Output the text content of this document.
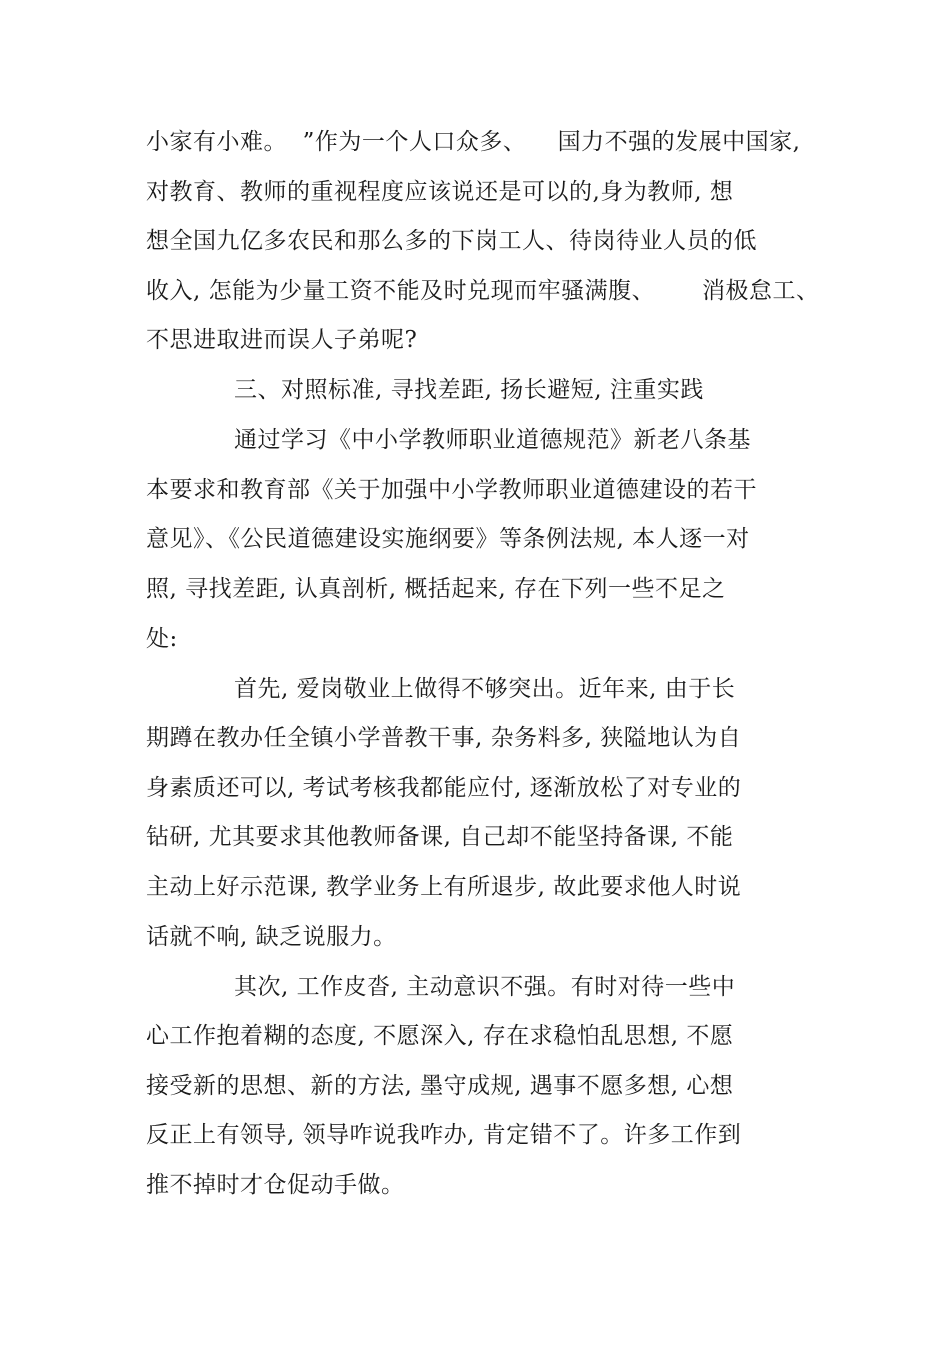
小家有小难。  ”作为一个人口众多、    国力不强的发展中国家,

对教育、教师的重视程度应该说还是可以的,身为教师, 想

想全国九亿多农民和那么多的下岗工人、待岗待业人员的低

收入, 怎能为少量工资不能及时兑现而牢骚满腹、      消极怠工、

不思进取进而误人子弟呢?

三、对照标准, 寻找差距, 扬长避短, 注重实践

通过学习《中小学教师职业道德规范》新老八条基

本要求和教育部《关于加强中小学教师职业道德建设的若干

意见》、《公民道德建设实施纲要》等条例法规, 本人逐一对

照, 寻找差距, 认真剖析, 概括起来, 存在下列一些不足之

处:

首先, 爱岗敬业上做得不够突出。近年来, 由于长

期蹲在教办任全镇小学普教干事, 杂务料多, 狭隘地认为自

身素质还可以, 考试考核我都能应付, 逐渐放松了对专业的

钻研, 尤其要求其他教师备课, 自己却不能坚持备课, 不能

主动上好示范课, 教学业务上有所退步, 故此要求他人时说

话就不响, 缺乏说服力。

其次, 工作皮沓, 主动意识不强。有时对待一些中

心工作抱着糊的态度, 不愿深入, 存在求稳怕乱思想, 不愿

接受新的思想、新的方法, 墨守成规, 遇事不愿多想, 心想

反正上有领导, 领导咋说我咋办, 肯定错不了。许多工作到

推不掉时才仓促动手做。
